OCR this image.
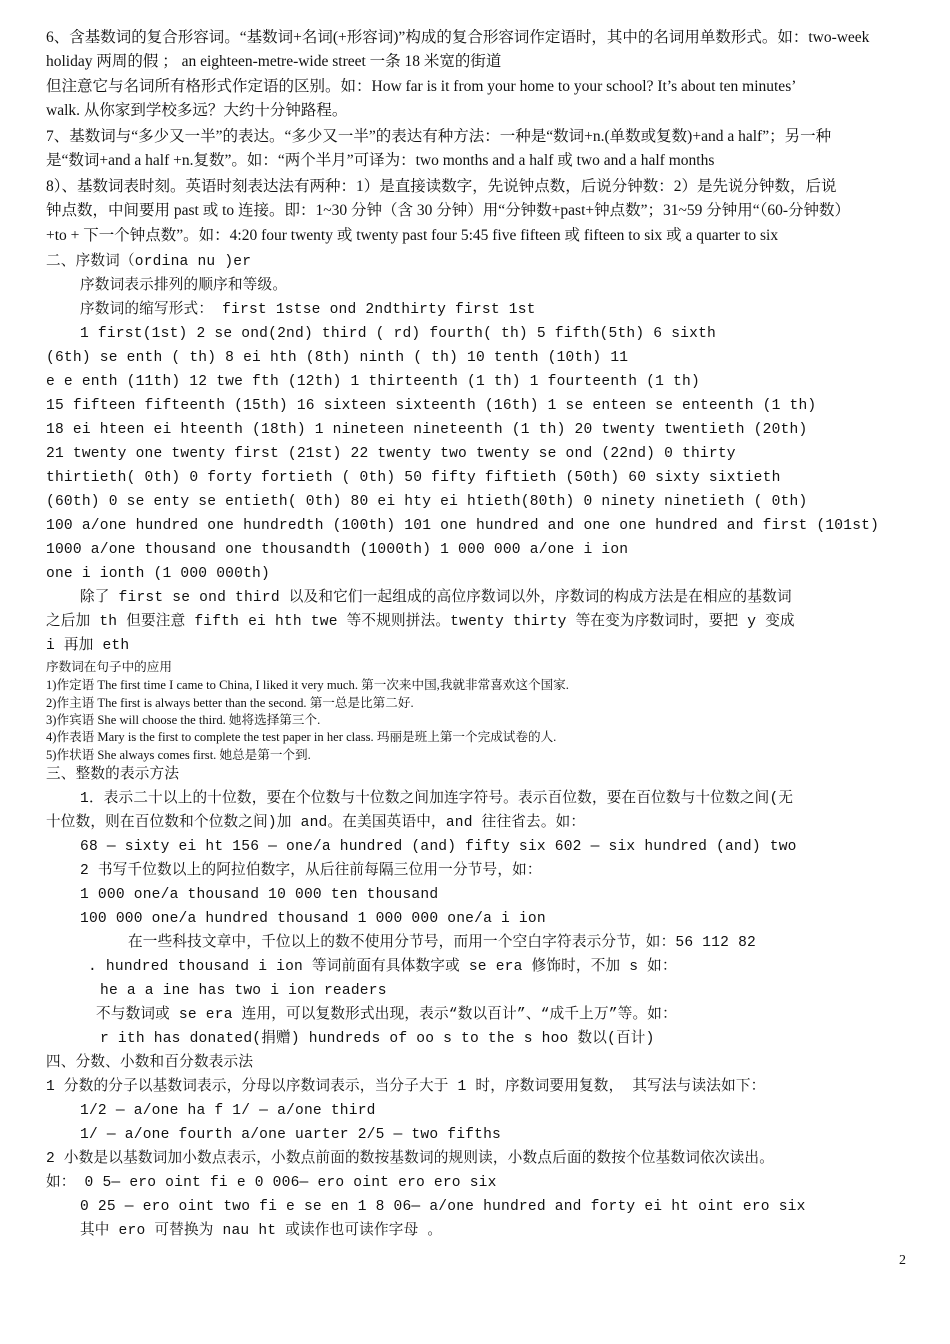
6、含基数词的复合形容词。“基数词+名词(+形容词)”构成的复合形容词作定语时，其中的名词用单数形式。如：two-week
holiday 两周的假 ； an eighteen-metre-wide street 一条 18 米宽的街道
但注意它与名词所有格形式作定语的区别。如：How far is it from your home to your school? It’s about ten minutes’
walk. 从你家到学校多远？大约十分钟路程。
7、基数词与“多少又一半”的表达。“多少又一半”的表达有种方法：一种是“数词+n.(单数或复数)+and a half”；另一种
是“数词+and a half +n.复数”。如：“两个半月”可译为：two months and a half 或 two and a half months
8）、基数词表时刻。英语时刻表达法有两种：1）是直接读数字，先说钟点数，后说分钟数：2）是先说分钟数，后说
钟点数，中间要用 past 或 to 连接。即：1~30 分钟（含 30 分钟）用“分钟数+past+钟点数”；31~59 分钟用“（60-分钟数）
+to + 下一个钟点数”。如：4:20 four twenty 或 twenty past four 5:45 five fifteen 或 fifteen to six 或 a quarter to six
二、序数词（ordina nu )er
序数词表示排列的顺序和等级。
序数词的缩写形式： first 1stse ond 2ndthirty first 1st
1 first(1st) 2 se ond(2nd) third ( rd) fourth( th) 5 fifth(5th) 6 sixth
(6th) se enth ( th) 8 ei hth (8th) ninth ( th) 10 tenth (10th) 11
e e enth (11th) 12 twe fth (12th) 1 thirteenth (1 th) 1 fourteenth (1 th)
15 fifteen fifteenth (15th) 16 sixteen sixteenth (16th) 1 se enteen se enteenth (1 th)
18 ei hteen ei hteenth (18th) 1 nineteen nineteenth (1 th) 20 twenty twentieth (20th)
21 twenty one twenty first (21st) 22 twenty two twenty se ond (22nd) 0 thirty
thirtieth( 0th) 0 forty fortieth ( 0th) 50 fifty fiftieth (50th) 60 sixty sixtieth
(60th) 0 se enty se entieth( 0th) 80 ei hty ei htieth(80th) 0 ninety ninetieth ( 0th)
100 a/one hundred one hundredth (100th) 101 one hundred and one one hundred and first (101st)
1000 a/one thousand one thousandth (1000th) 1 000 000 a/one i ion
one i ionth (1 000 000th)
除了 first se ond third 以及和它们一起组成的高位序数词以外，序数词的构成方法是在相应的基数词
之后加 th 但要注意 fifth ei hth twe 等不规则拼法。twenty thirty 等在变为序数词时，要把 y 变成
i 再加 eth
序数词在句子中的应用
1)作定语 The first time I came to China, I liked it very much. 第一次来中国,我就非常喜欢这个国家.
2)作主语 The first is always better than the second. 第一总是比第二好.
3)作宾语 She will choose the third. 她将选择第三个.
4)作表语 Mary is the first to complete the test paper in her class. 玛丽是班上第一个完成试卷的人.
5)作状语 She always comes first. 她总是第一个到.
三、整数的表示方法
1．表示二十以上的十位数，要在个位数与十位数之间加连字符号。表示百位数，要在百位数与十位数之间(无
十位数，则在百位数和个位数之间)加 and。在美国英语中，and 往往省去。如：
68 — sixty ei ht 156 — one/a hundred (and) fifty six 602 — six hundred (and) two
2 书写千位数以上的阿拉伯数字，从后往前每隔三位用一分节号，如：
1 000 one/a thousand 10 000 ten thousand
100 000 one/a hundred thousand 1 000 000 one/a i ion
在一些科技文章中，千位以上的数不使用分节号，而用一个空白字符表示分节，如：56 112 82
. hundred thousand i ion 等词前面有具体数字或 se era 修饰时，不加 s 如：
he a a ine has two i ion readers
不与数词或 se era 连用，可以复数形式出现，表示“数以百计”、“成千上万”等。如：
r ith has donated(捐赠) hundreds of oo s to the s hoo 数以(百计)
四、分数、小数和百分数表示法
1 分数的分子以基数词表示，分母以序数词表示，当分子大于 1 时，序数词要用复数， 其写法与读法如下：
1/2 — a/one ha f 1/ — a/one third
1/ — a/one fourth a/one uarter 2/5 — two fifths
2 小数是以基数词加小数点表示，小数点前面的数按基数词的规则读，小数点后面的数按个位基数词依次读出。
如： 0 5— ero oint fi e 0 006— ero oint ero ero six
0 25 — ero oint two fi e se en 1 8 06— a/one hundred and forty ei ht oint ero six
其中 ero 可替换为 nau ht 或读作也可读作字母 。
2
